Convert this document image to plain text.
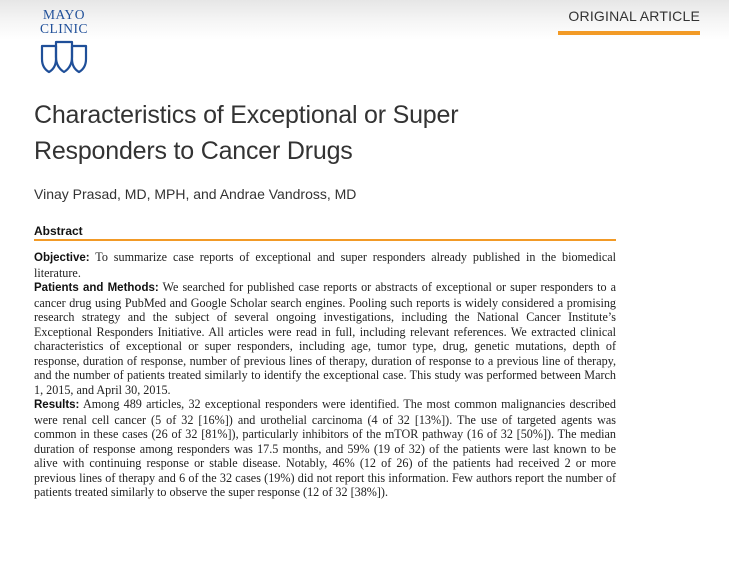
MAYO
CLINIC
ORIGINAL ARTICLE
Characteristics of Exceptional or Super Responders to Cancer Drugs
Vinay Prasad, MD, MPH, and Andrae Vandross, MD
Abstract

Objective: To summarize case reports of exceptional and super responders already published in the biomedical literature.

Patients and Methods: We searched for published case reports or abstracts of exceptional or super responders to a cancer drug using PubMed and Google Scholar search engines. Pooling such reports is widely considered a promising research strategy and the subject of several ongoing investigations, including the National Cancer Institute’s Exceptional Responders Initiative. All articles were read in full, including relevant references. We extracted clinical characteristics of exceptional or super responders, including age, tumor type, drug, genetic mutations, depth of response, duration of response, number of previous lines of therapy, duration of response to a previous line of therapy, and the number of patients treated similarly to identify the exceptional case. This study was performed between March 1, 2015, and April 30, 2015.

Results: Among 489 articles, 32 exceptional responders were identified. The most common malignancies described were renal cell cancer (5 of 32 [16%]) and urothelial carcinoma (4 of 32 [13%]). The use of targeted agents was common in these cases (26 of 32 [81%]), particularly inhibitors of the mTOR pathway (16 of 32 [50%]). The median duration of response among responders was 17.5 months, and 59% (19 of 32) of the patients were last known to be alive with continuing response or stable disease. Notably, 46% (12 of 26) of the patients had received 2 or more previous lines of therapy and 6 of the 32 cases (19%) did not report this information. Few authors report the number of patients treated similarly to observe the super response (12 of 32 [38%]).
